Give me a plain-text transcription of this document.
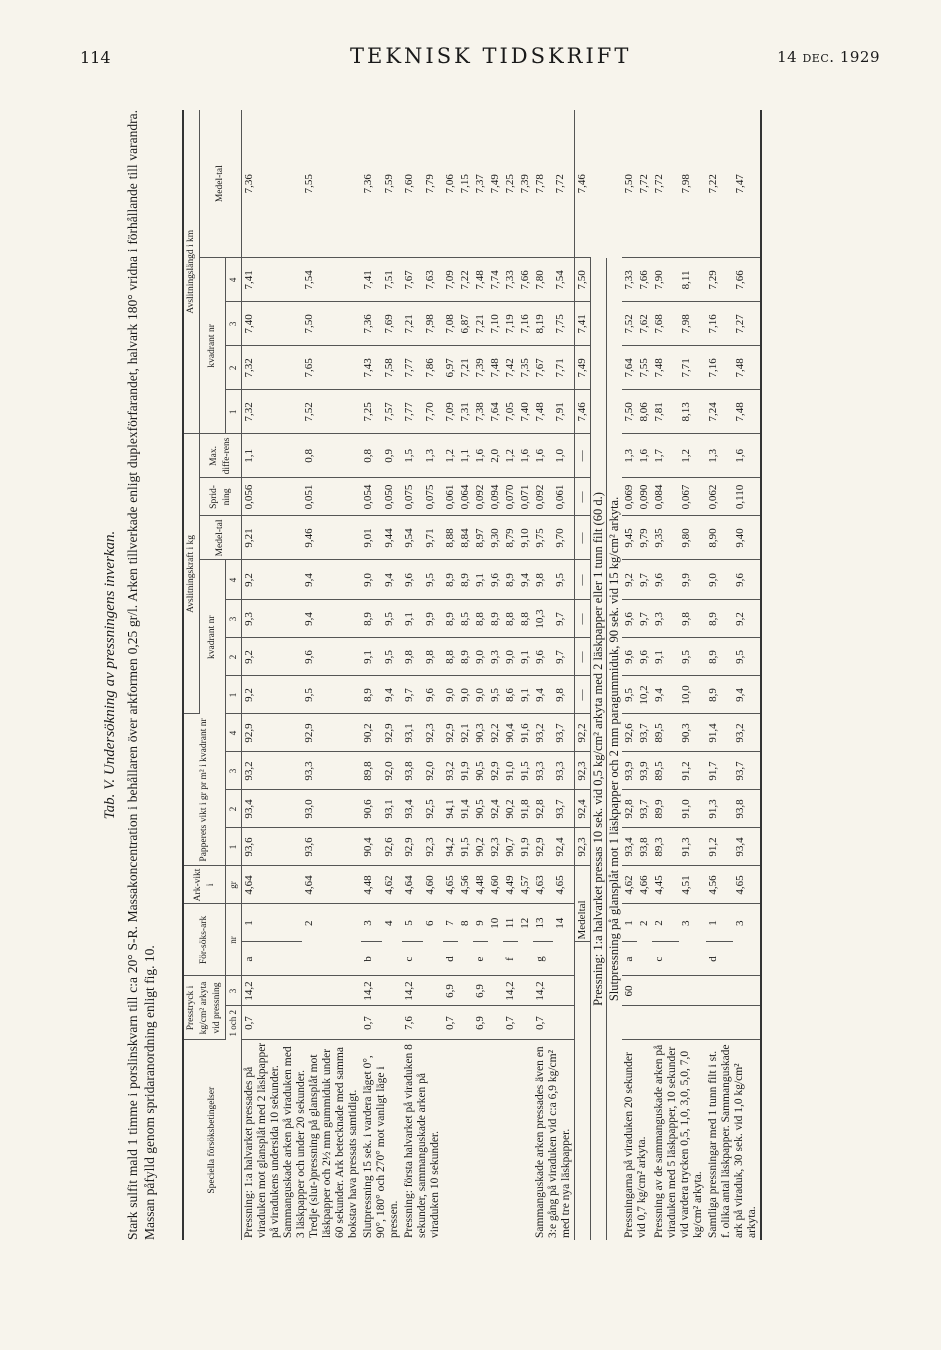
114	TEKNISK TIDSKRIFT	14 dec. 1929
Tab. V. Undersökning av pressningens inverkan. Stark sulfit mald 1 timme i porslinskvarn till c:a 20° S-R. Massakoncentration i behållaren över arkformen 0,25 gr/l. Arken tillverkade enligt duplexförfarandet, halvark 180° vridna i förhållande till varandra. Massan påfylld genom spridaranordning enligt fig. 10.	Speciella försöksbetingelser	Presstryck i kg/cm² arkyta vid pressning		För-söks-ark		Ark-vikt i	Papperets vikt i gr pr m² i kvadrant nr				Avslitningskraft i kg							Avslitningslängd i km				
										kvadrant nr				Medel-tal	Sprid-ning	Max. diffe-rens	kvadrant nr				Medel-tal
	1 och 2	3	nr		gr	1	2	3	4	1	2	3	4				1	2	3	4	
Pressning: 1:a halvarket pressades på viraduken mot glansplåt med 2 läskpapper på viradukens undersida 10 sekunder. Sammanguskade arken på viraduken med 3 läskpapper och under 20 sekunder. Tredje (slut-)pressning på glansplåt mot läskpapper och 2½ mm gummiduk under 60 sekunder. Ark betecknade med samma bokstav hava pressats samtidigt.	0,7	14,2	a	1	4,64	93,6	93,4	93,2	92,9	9,2	9,2	9,3	9,2	9,21	0,056	1,1	7,32	7,32	7,40	7,41	7,36
				2	4,64	93,6	93,0	93,3	92,9	9,5	9,6	9,4	9,4	9,46	0,051	0,8	7,52	7,65	7,50	7,54	7,55
Slutpressning 15 sek. i vardera läget 0°, 90°, 180° och 270° mot vanligt läge i pressen.	0,7	14,2	b	3	4,48	90,4	90,6	89,8	90,2	8,9	9,1	8,9	9,0	9,01	0,054	0,8	7,25	7,43	7,36	7,41	7,36
				4	4,62	92,6	93,1	92,0	92,9	9,4	9,5	9,5	9,4	9,44	0,050	0,9	7,57	7,58	7,69	7,51	7,59
Pressning: första halvarket på viraduken 8 sekunder, sammanguskade arken på viraduken 10 sekunder.	7,6	14,2	c	5	4,64	92,9	93,4	93,8	93,1	9,7	9,8	9,1	9,6	9,54	0,075	1,5	7,77	7,77	7,21	7,67	7,60
				6	4,60	92,3	92,5	92,0	92,3	9,6	9,8	9,9	9,5	9,71	0,075	1,3	7,70	7,86	7,98	7,63	7,79
	0,7	6,9	d	7	4,65	94,2	94,1	93,2	92,9	9,0	8,8	8,9	8,9	8,88	0,061	1,2	7,09	6,97	7,08	7,09	7,06
				8	4,56	91,5	91,4	91,9	92,1	9,0	8,9	8,5	8,9	8,84	0,064	1,1	7,31	7,21	6,87	7,22	7,15
	6,9	6,9	e	9	4,48	90,2	90,5	90,5	90,3	9,0	9,0	8,8	9,1	8,97	0,092	1,6	7,38	7,39	7,21	7,48	7,37
				10	4,60	92,3	92,4	92,9	92,2	9,5	9,3	8,9	9,6	9,30	0,094	2,0	7,64	7,48	7,10	7,74	7,49
	0,7	14,2	f	11	4,49	90,7	90,2	91,0	90,4	8,6	9,0	8,8	8,9	8,79	0,070	1,2	7,05	7,42	7,19	7,33	7,25
				12	4,57	91,9	91,8	91,5	91,6	9,1	9,1	8,8	9,4	9,10	0,071	1,6	7,40	7,35	7,16	7,66	7,39
Sammanguskade arken pressades även en 3:e gång på viraduken vid c:a 6,9 kg/cm² med tre nya läskpapper.	0,7	14,2	g	13	4,63	92,9	92,8	93,3	93,2	9,4	9,6	10,3	9,8	9,75	0,092	1,6	7,48	7,67	8,19	7,80	7,78
				14	4,65	92,4	93,7	93,3	93,7	9,8	9,7	9,7	9,5	9,70	0,061	1,0	7,91	7,71	7,75	7,54	7,72
				Medeltal		92,3	92,4	92,3	92,2	—	—	—	—	—	—	—	7,46	7,49	7,41	7,50	7,46
Pressning: 1:a halvarket pressas 10 sek. vid 0,5 kg/cm² arkyta med 2 läskpapper eller 1 tunn filt (60 d.)																					
Slutpressning på glansplåt mot 1 läskpapper och 2 mm paragummiduk, 90 sek. vid 15 kg/cm² arkyta.																					
Pressningarna på viraduken 20 sekunder vid 0,7 kg/cm² arkyta.		60	a	1	4,62	93,4	92,8	93,9	92,6	9,5	9,6	9,6	9,2	9,45	0,069	1,3	7,50	7,64	7,52	7,33	7,50
				2	4,66	93,8	93,7	93,9	93,7	10,2	9,6	9,7	9,7	9,79	0,090	1,6	8,06	7,55	7,62	7,66	7,72
Pressning av de sammanguskade arken på viraduken med 5 läskpapper, 10 sekunder vid vardera trycken 0,5, 1,0, 3,0, 5,0, 7,0 kg/cm² arkyta.			c	2	4,45	89,3	89,9	89,5	89,5	9,4	9,1	9,3	9,6	9,35	0,084	1,7	7,81	7,48	7,68	7,90	7,72
				3	4,51	91,3	91,0	91,2	90,3	10,0	9,5	9,8	9,9	9,80	0,067	1,2	8,13	7,71	7,98	8,11	7,98
Samtliga pressningar med 1 tunn filt i st. f. olika antal läskpapper. Sammanguskade ark på viraduk, 30 sek. vid 1,0 kg/cm² arkyta.			d	1	4,56	91,2	91,3	91,7	91,4	8,9	8,9	8,9	9,0	8,90	0,062	1,3	7,24	7,16	7,16	7,29	7,22
				3	4,65	93,4	93,8	93,7	93,2	9,4	9,5	9,2	9,6	9,40	0,110	1,6	7,48	7,48	7,27	7,66	7,47
